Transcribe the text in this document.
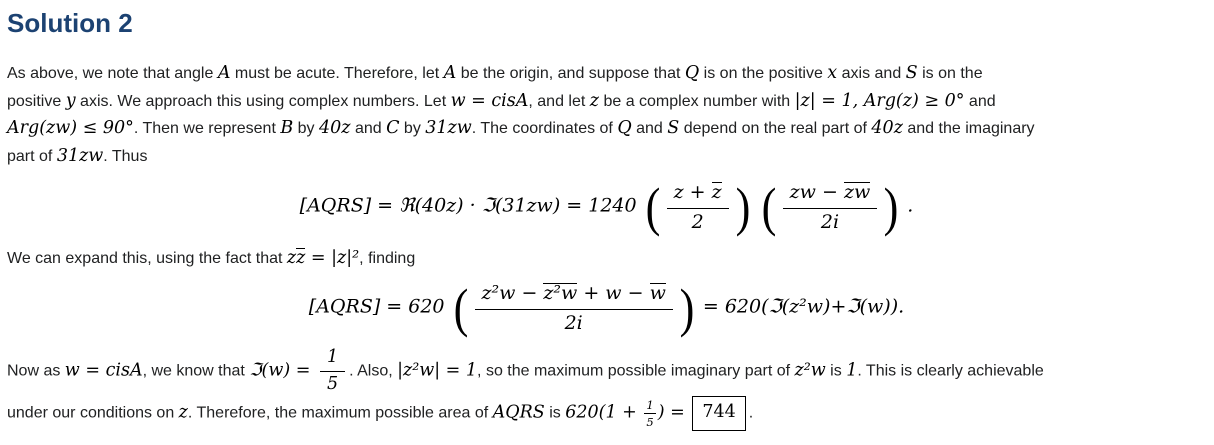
Solution 2
As above, we note that angle A must be acute. Therefore, let A be the origin, and suppose that Q is on the positive x axis and S is on the
positive y axis. We approach this using complex numbers. Let w = cisA, and let z be a complex number with |z| = 1, Arg(z) ≥ 0° and
Arg(zw) ≤ 90°. Then we represent B by 40z and C by 31zw. The coordinates of Q and S depend on the real part of 40z and the imaginary
part of 31zw. Thus
[AQRS] = ℜ(40z) · ℑ(31zw) = 1240 ( $\frac{z + z}{2}$ ) ( $\frac{zw - zw}{2i}$ ) .
We can expand this, using the fact that zz = |z|², finding
[AQRS] = 620 ( $\frac{\text{z²w − z²w + w − w}}{2i}$ ) = 620(ℑ(z²w)+ℑ(w)).
Now as w = cisA, we know that ℑ(w) = $\frac{1}{5}$ . Also, |z²w| = 1, so the maximum possible imaginary part of z²w is 1. This is clearly achievable
under our conditions on z. Therefore, the maximum possible area of AQRS is $620(1 + \frac{1}{5}$ ) = 744 .
